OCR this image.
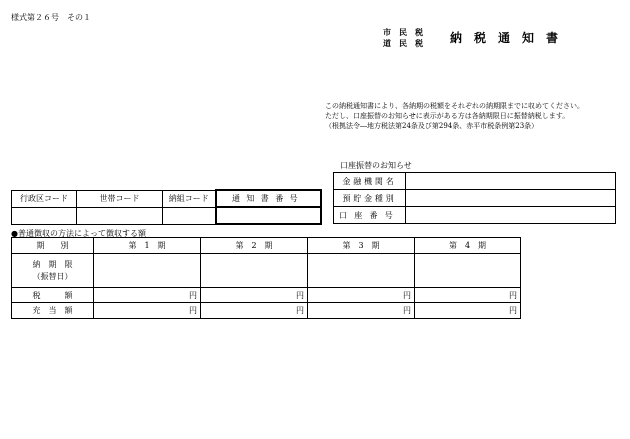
様式第２６号　その１
市　民　税
道　民　税 納　税　通　知　書
この納税通知書により、各納期の税額をそれぞれの納期限までに収めてください。
ただし、口座振替のお知らせに表示がある方は各納期限日に振替納税します。
（根拠法令―地方税法第24条及び第294条、赤平市税条例第23条）
口座振替のお知らせ
金融機関名	
預貯金種別	
口座番号	
行政区コード	世帯コード	納組コード	通知書番号

●普通徴収の方法によって徴収する額
期　　別	第　1　期	第　2　期	第　3　期	第　4　期

納　期　限
（振替日）				

税　　　額	円	円	円	円
充　当　額	円	円	円	円
